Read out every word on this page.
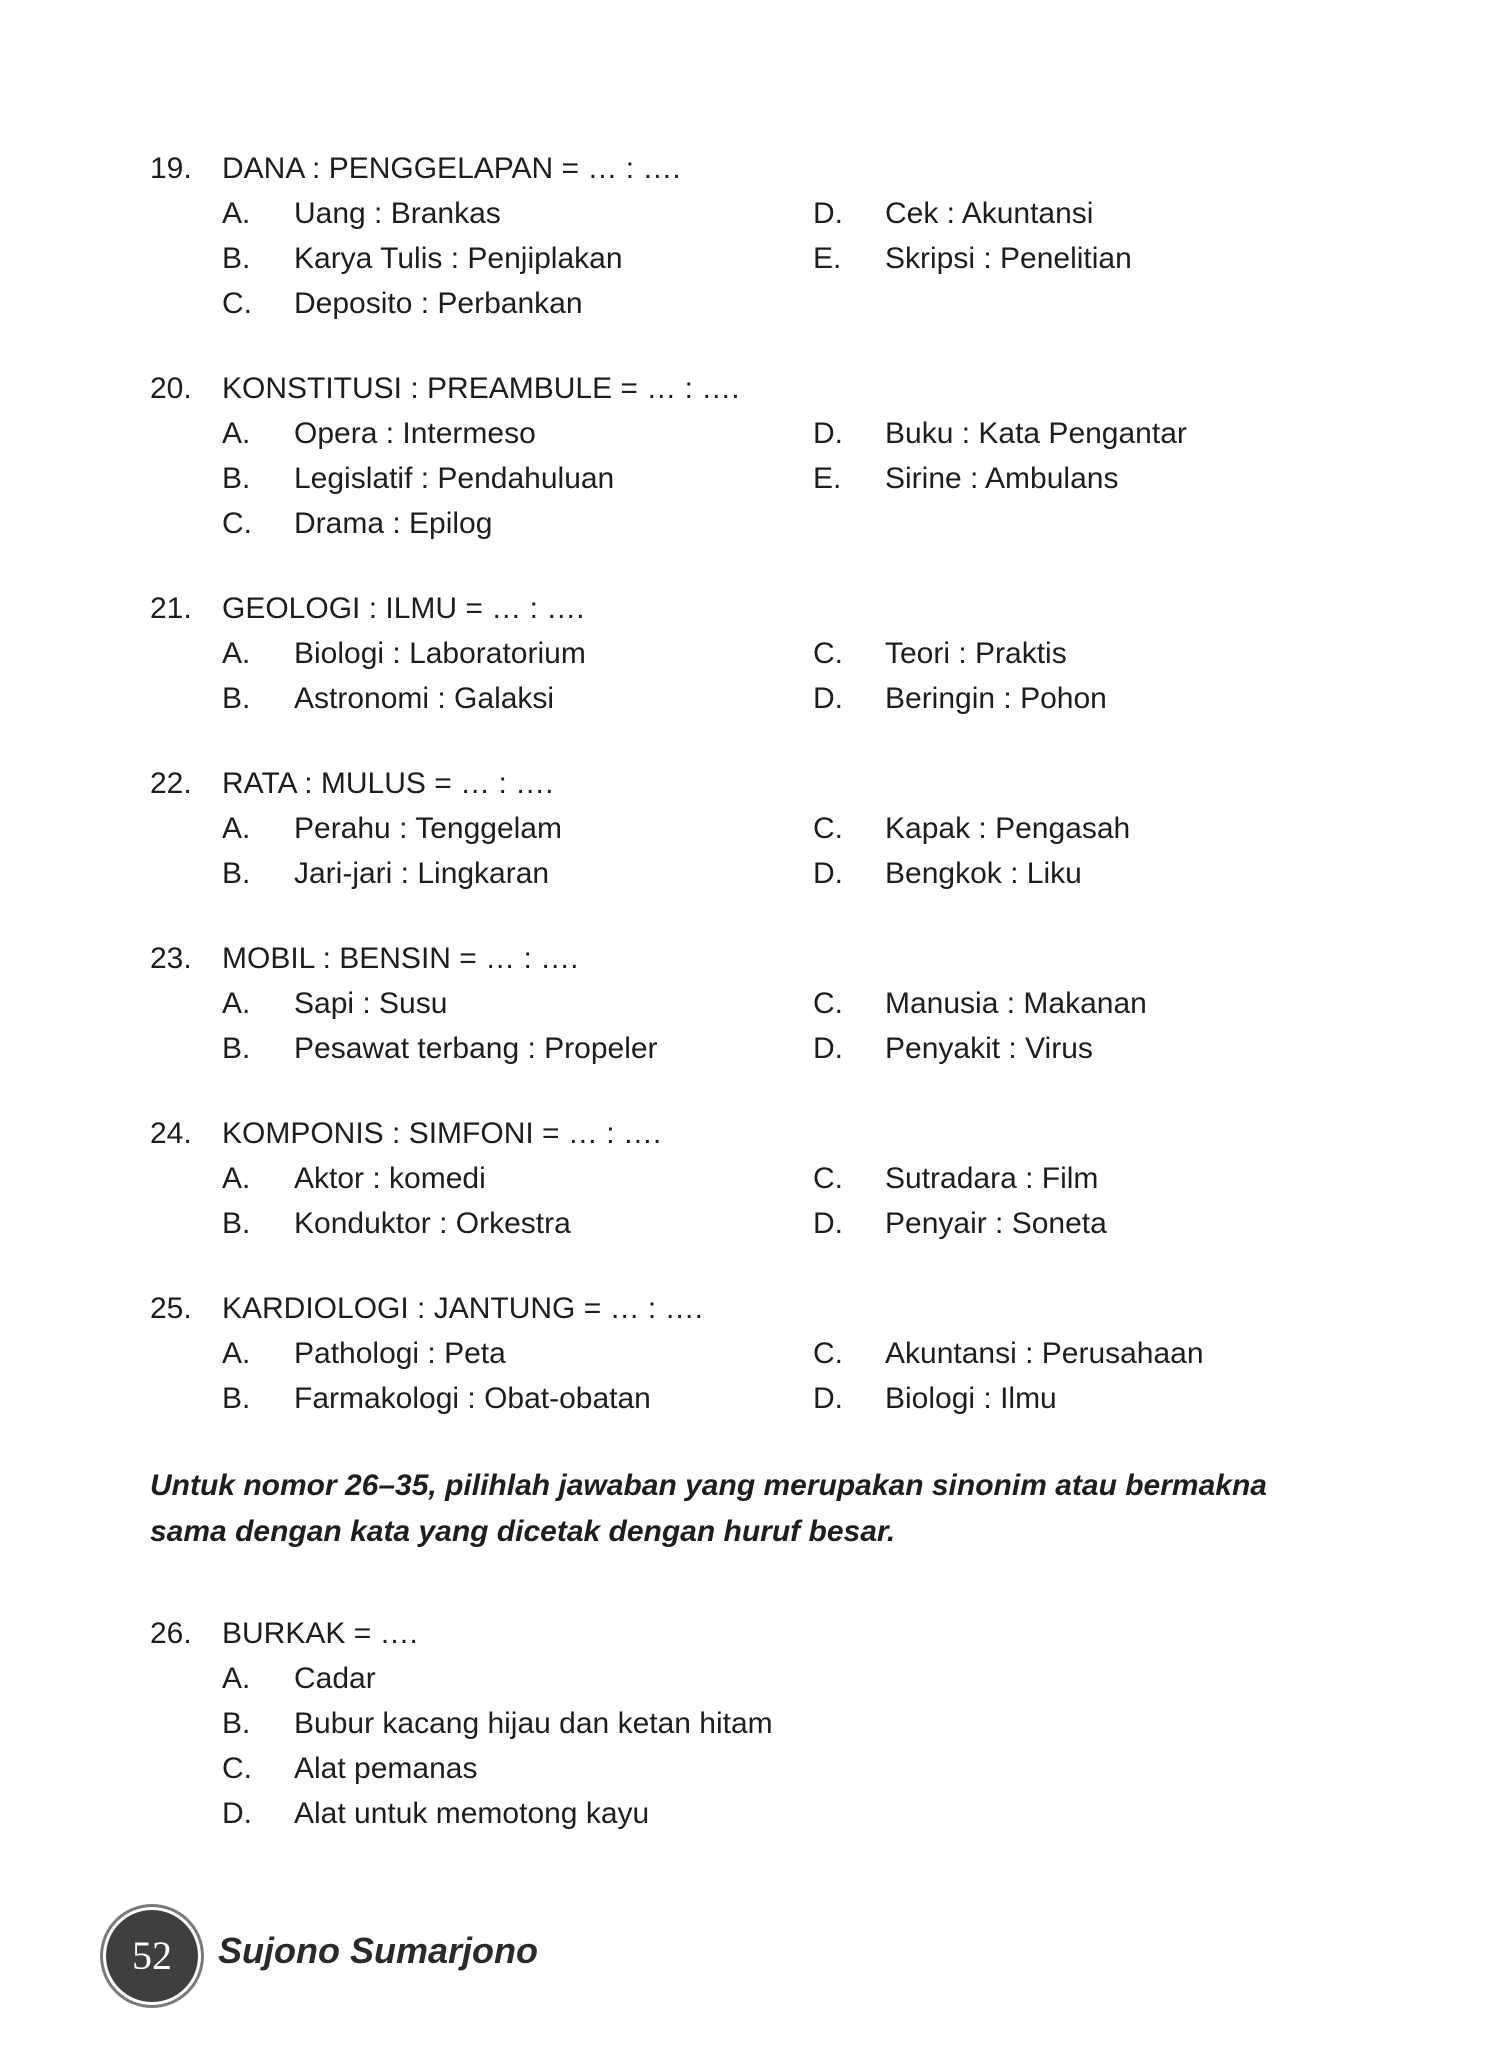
19. DANA : PENGGELAPAN = … : ….
A. Uang : Brankas	D. Cek : Akuntansi
B. Karya Tulis : Penjiplakan	E. Skripsi : Penelitian
C. Deposito : Perbankan
20. KONSTITUSI : PREAMBULE = … : ….
A. Opera : Intermeso	D. Buku : Kata Pengantar
B. Legislatif : Pendahuluan	E. Sirine : Ambulans
C. Drama : Epilog
21. GEOLOGI : ILMU = … : ….
A. Biologi : Laboratorium	C. Teori : Praktis
B. Astronomi : Galaksi	D. Beringin : Pohon
22. RATA : MULUS = … : ….
A. Perahu : Tenggelam	C. Kapak : Pengasah
B. Jari-jari : Lingkaran	D. Bengkok : Liku
23. MOBIL : BENSIN = … : ….
A. Sapi : Susu	C. Manusia : Makanan
B. Pesawat terbang : Propeler	D. Penyakit : Virus
24. KOMPONIS : SIMFONI = … : ….
A. Aktor : komedi	C. Sutradara : Film
B. Konduktor : Orkestra	D. Penyair : Soneta
25. KARDIOLOGI : JANTUNG = … : ….
A. Pathologi : Peta	C. Akuntansi : Perusahaan
B. Farmakologi : Obat-obatan	D. Biologi : Ilmu
Untuk nomor 26–35, pilihlah jawaban yang merupakan sinonim atau bermakna sama dengan kata yang dicetak dengan huruf besar.
26. BURKAK = ….
A. Cadar
B. Bubur kacang hijau dan ketan hitam
C. Alat pemanas
D. Alat untuk memotong kayu
52	Sujono Sumarjono
